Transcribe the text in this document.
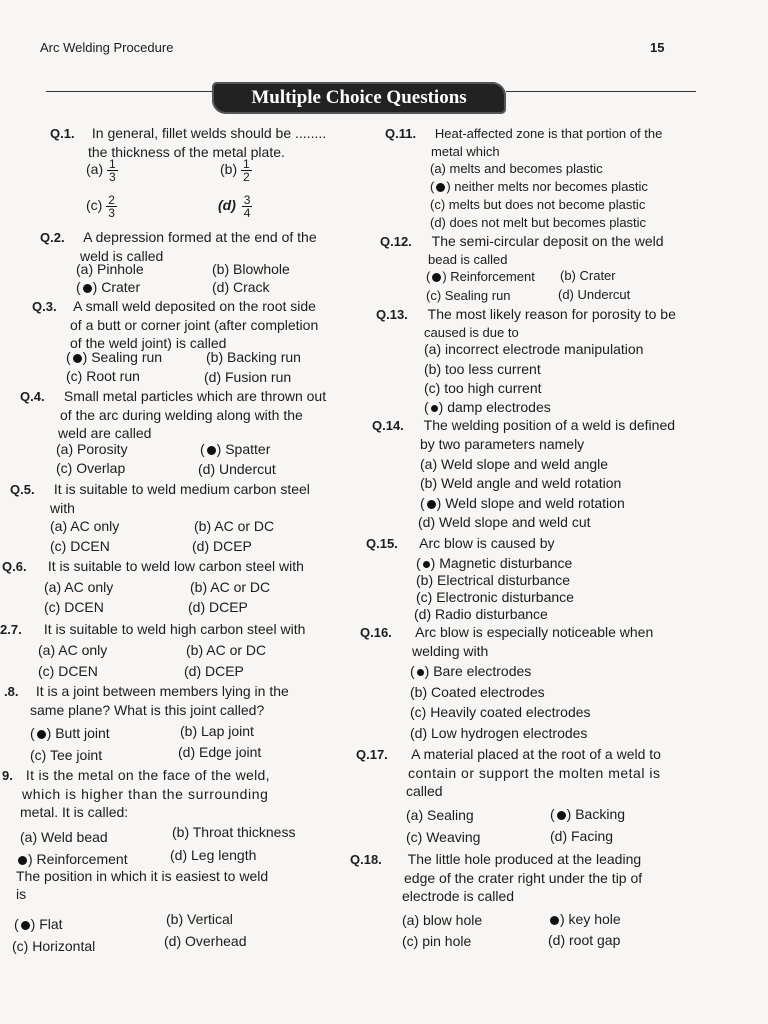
Arc Welding Procedure	15
Multiple Choice Questions
Q.1. In general, fillet welds should be ........
the thickness of the metal plate.
$(a) \frac{1}{3}$	$(b) \frac{1}{2}$
$(c) \frac{2}{3}$	$(d) \frac{3}{4}$
Q.2. A depression formed at the end of the
weld is called
(a) Pinhole	(b) Blowhole
( ) Crater	(d) Crack
Q.3. A small weld deposited on the root side
of a butt or corner joint (after completion
of the weld joint) is called
( ) Sealing run	(b) Backing run
(c) Root run	(d) Fusion run
Q.4. Small metal particles which are thrown out
of the arc during welding along with the
weld are called
(a) Porosity	( ) Spatter
(c) Overlap	(d) Undercut
Q.5. It is suitable to weld medium carbon steel
with
(a) AC only	(b) AC or DC
(c) DCEN	(d) DCEP
Q.6. It is suitable to weld low carbon steel with
(a) AC only	(b) AC or DC
(c) DCEN	(d) DCEP
2.7. It is suitable to weld high carbon steel with
(a) AC only	(b) AC or DC
(c) DCEN	(d) DCEP
.8. It is a joint between members lying in the
same plane? What is this joint called?
( ) Butt joint	(b) Lap joint
(c) Tee joint	(d) Edge joint
9. It is the metal on the face of the weld,
which is higher than the surrounding
metal. It is called:
(a) Weld bead	(b) Throat thickness
) Reinforcement	(d) Leg length
The position in which it is easiest to weld
is
( ) Flat	(b) Vertical
(c) Horizontal	(d) Overhead
Q.11. Heat-affected zone is that portion of the
metal which
(a) melts and becomes plastic
( ) neither melts nor becomes plastic
(c) melts but does not become plastic
(d) does not melt but becomes plastic
Q.12. The semi-circular deposit on the weld
bead is called
( ) Reinforcement (b) Crater
(c) Sealing run	(d) Undercut
Q.13. The most likely reason for porosity to be
caused is due to
(a) incorrect electrode manipulation
(b) too less current
(c) too high current
( ) damp electrodes
Q.14. The welding position of a weld is defined
by two parameters namely
(a) Weld slope and weld angle
(b) Weld angle and weld rotation
( ) Weld slope and weld rotation
(d) Weld slope and weld cut
Q.15. Arc blow is caused by
( ) Magnetic disturbance
(b) Electrical disturbance
(c) Electronic disturbance
(d) Radio disturbance
Q.16. Arc blow is especially noticeable when
welding with
( ) Bare electrodes
(b) Coated electrodes
(c) Heavily coated electrodes
(d) Low hydrogen electrodes
Q.17. A material placed at the root of a weld to
contain or support the molten metal is
called
(a) Sealing	( ) Backing
(c) Weaving	(d) Facing
Q.18. The little hole produced at the leading
edge of the crater right under the tip of
electrode is called
(a) blow hole	) key hole
(c) pin hole	(d) root gap
